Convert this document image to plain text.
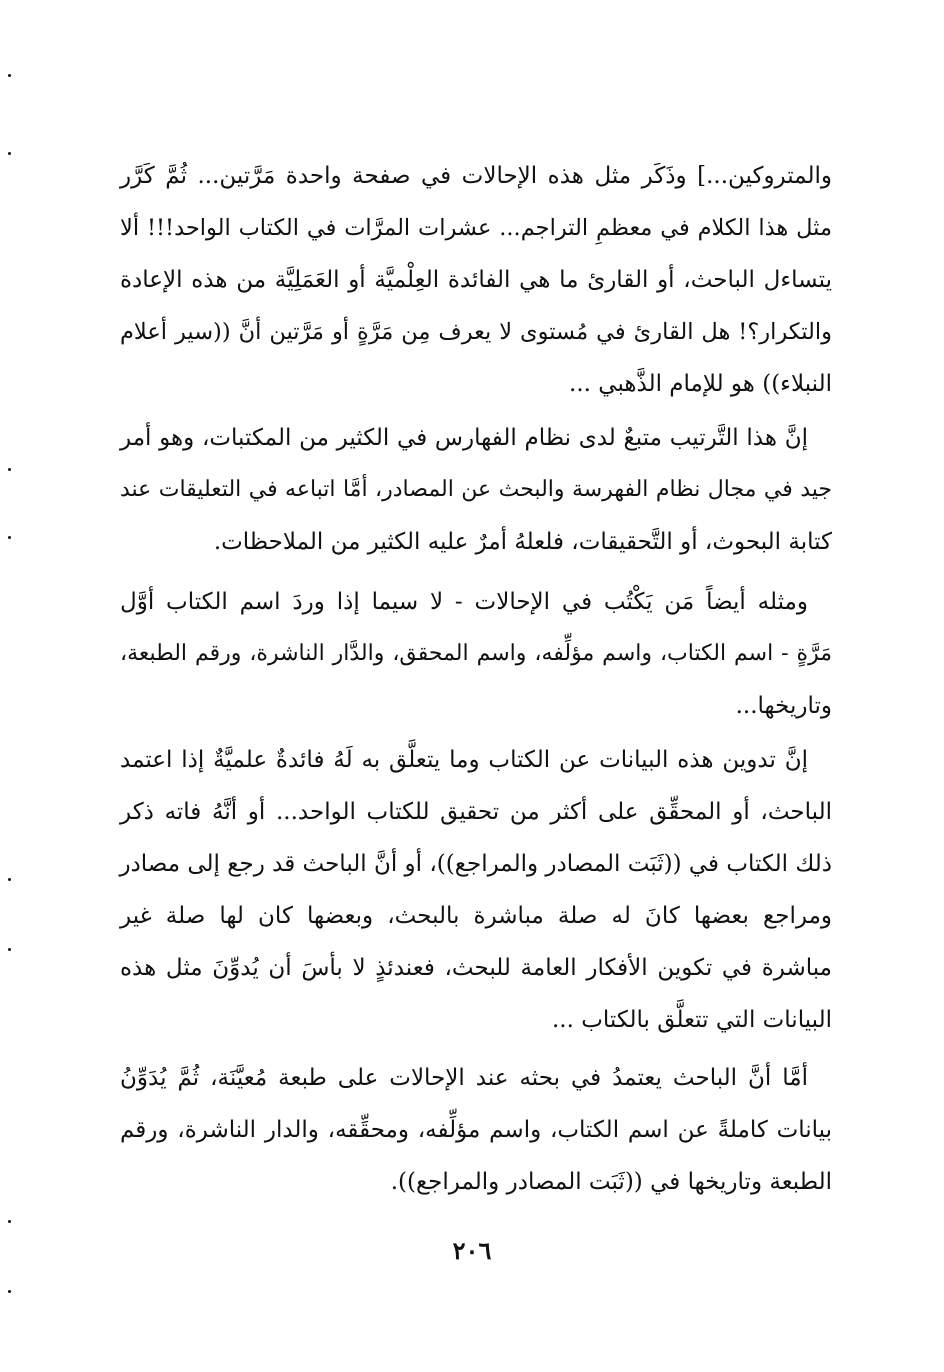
والمتروكين...] وذَكَر مثل هذه الإحالات في صفحة واحدة مَرَّتين... ثُمَّ كَرَّر
مثل هذا الكلام في معظمِ التراجم... عشرات المرَّات في الكتاب الواحد!!! ألا
يتساءل الباحث، أو القارئ ما هي الفائدة العِلْميَّة أو العَمَلِيَّة من هذه الإعادة
والتكرار؟! هل القارئ في مُستوى لا يعرف مِن مَرَّةٍ أو مَرَّتين أنَّ ((سير أعلام
النبلاء)) هو للإمام الذَّهبي ...
إنَّ هذا التَّرتيب متبعٌ لدى نظام الفهارس في الكثير من المكتبات، وهو أمر
جيد في مجال نظام الفهرسة والبحث عن المصادر، أمَّا اتباعه في التعليقات عند
كتابة البحوث، أو التَّحقيقات، فلعلهُ أمرٌ عليه الكثير من الملاحظات.
ومثله أيضاً مَن يَكْتُب في الإحالات - لا سيما إذا وردَ اسم الكتاب أوَّل
مَرَّةٍ - اسم الكتاب، واسم مؤلِّفه، واسم المحقق، والدَّار الناشرة، ورقم الطبعة،
وتاريخها...
إنَّ تدوين هذه البيانات عن الكتاب وما يتعلَّق به لَهُ فائدةٌ علميَّةٌ إذا اعتمد
الباحث، أو المحقِّق على أكثر من تحقيق للكتاب الواحد... أو أنَّهُ فاته ذكر
ذلك الكتاب في ((ثَبَت المصادر والمراجع))، أو أنَّ الباحث قد رجع إلى مصادر
ومراجع بعضها كانَ له صلة مباشرة بالبحث، وبعضها كان لها صلة غير
مباشرة في تكوين الأفكار العامة للبحث، فعندئذٍ لا بأسَ أن يُدوِّنَ مثل هذه
البيانات التي تتعلَّق بالكتاب ...
أمَّا أنَّ الباحث يعتمدُ في بحثه عند الإحالات على طبعة مُعيَّنَة، ثُمَّ يُدَوِّنُ
بيانات كاملةً عن اسم الكتاب، واسم مؤلِّفه، ومحقِّقه، والدار الناشرة، ورقم
الطبعة وتاريخها في ((ثَبَت المصادر والمراجع)).
٢٠٦
